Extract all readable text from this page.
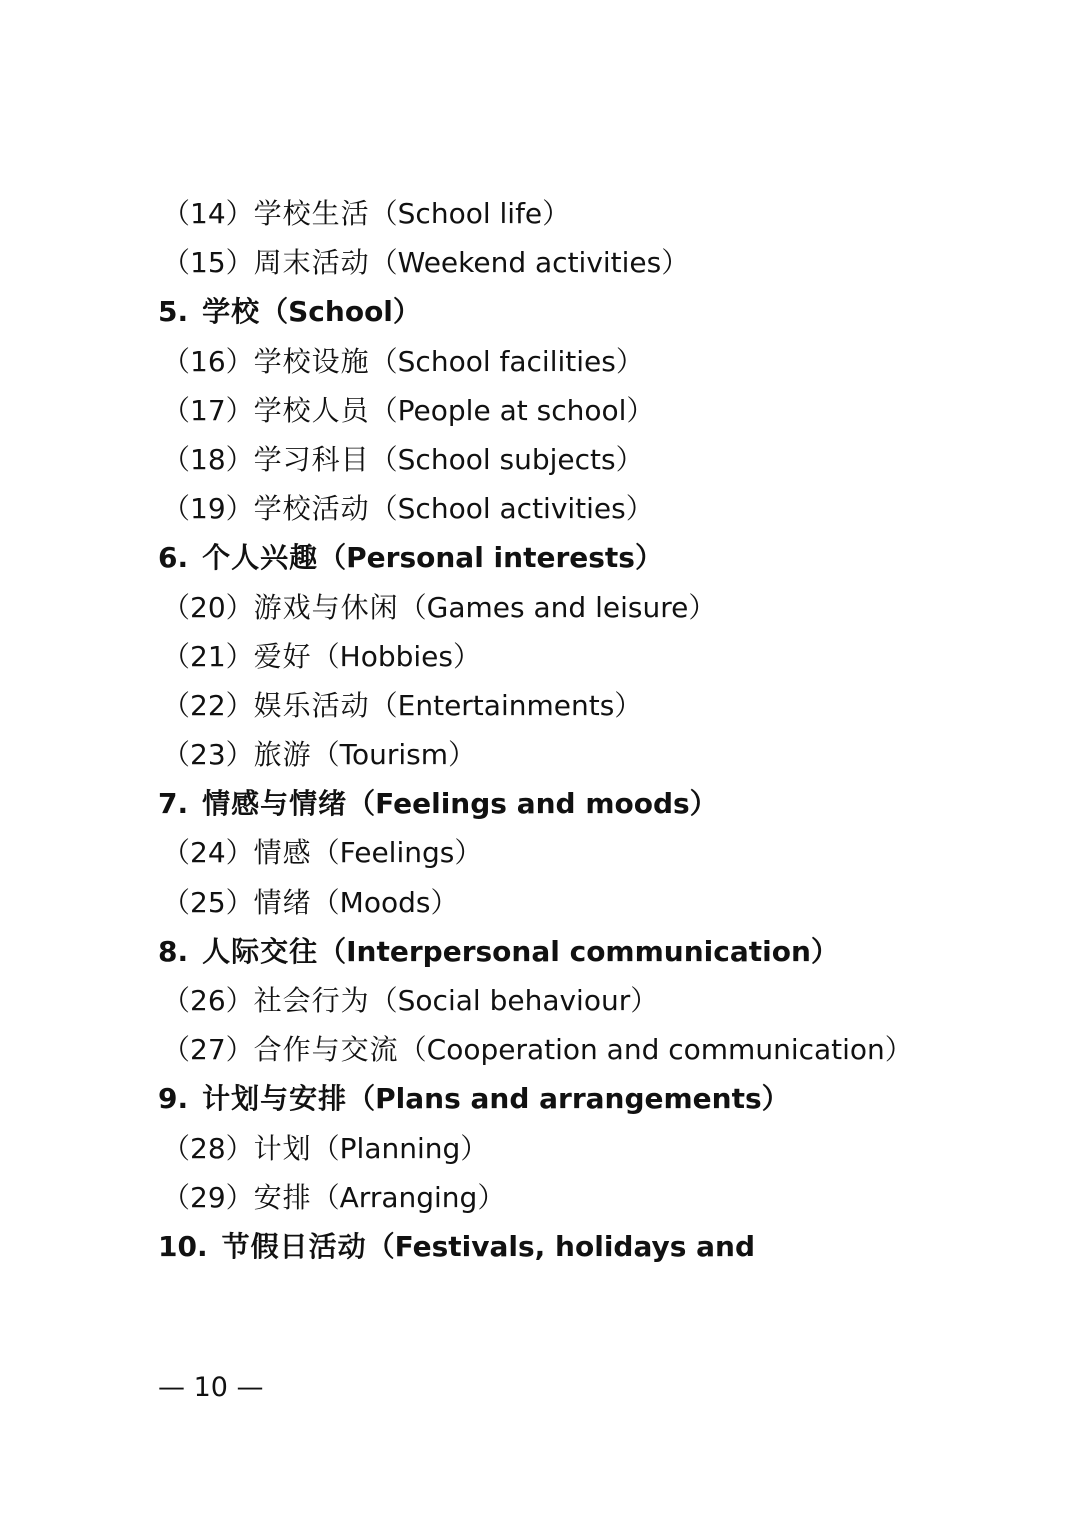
（14）学校生活（School life）
（15）周末活动（Weekend activities）
5. 学校（School）
（16）学校设施（School facilities）
（17）学校人员（People at school）
（18）学习科目（School subjects）
（19）学校活动（School activities）
6. 个人兴趣（Personal interests）
（20）游戏与休闲（Games and leisure）
（21）爱好（Hobbies）
（22）娱乐活动（Entertainments）
（23）旅游（Tourism）
7. 情感与情绪（Feelings and moods）
（24）情感（Feelings）
（25）情绪（Moods）
8. 人际交往（Interpersonal communication）
（26）社会行为（Social behaviour）
（27）合作与交流（Cooperation and communication）
9. 计划与安排（Plans and arrangements）
（28）计划（Planning）
（29）安排（Arranging）
10. 节假日活动（Festivals, holidays and
— 10 —
